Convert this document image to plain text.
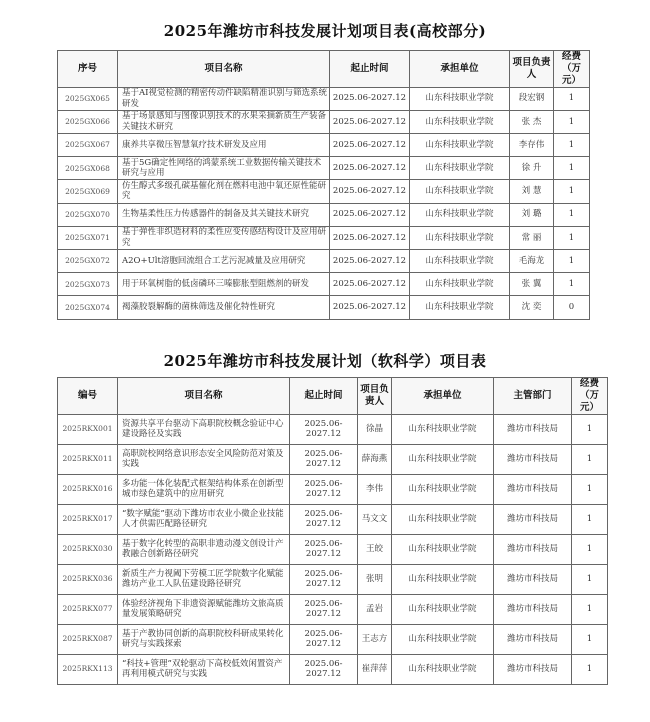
2025年潍坊市科技发展计划项目表(高校部分)
序号	项目名称	起止时间	承担单位	项目负责人	经费（万元）
2025GX065	基于AI视觉检测的精密传动件缺陷精准识别与筛选系统研发	2025.06-2027.12	山东科技职业学院	段宏钢	1
2025GX066	基于场景感知与图像识别技术的水果采摘新质生产装备关键技术研究	2025.06-2027.12	山东科技职业学院	张 杰	1
2025GX067	康养共享微压智慧氧疗技术研发及应用	2025.06-2027.12	山东科技职业学院	李存伟	1
2025GX068	基于5G确定性网络的鸿蒙系统工业数据传输关键技术研究与应用	2025.06-2027.12	山东科技职业学院	徐 升	1
2025GX069	仿生醇式多级孔碳基催化剂在燃料电池中氧还原性能研究	2025.06-2027.12	山东科技职业学院	刘 慧	1
2025GX070	生物基柔性压力传感器件的制备及其关键技术研究	2025.06-2027.12	山东科技职业学院	刘 璐	1
2025GX071	基于弹性非织造材料的柔性应变传感结构设计及应用研究	2025.06-2027.12	山东科技职业学院	常 丽	1
2025GX072	A2O+Ult溶胞回流组合工艺污泥减量及应用研究	2025.06-2027.12	山东科技职业学院	毛海龙	1
2025GX073	用于环氧树脂的低卤磷环三嗪膨胀型阻燃剂的研发	2025.06-2027.12	山东科技职业学院	张 翼	1
2025GX074	褐藻胶裂解酶的菌株筛选及催化特性研究	2025.06-2027.12	山东科技职业学院	沈 奕	0
2025年潍坊市科技发展计划（软科学）项目表
编号	项目名称	起止时间	项目负责人	承担单位	主管部门	经费（万元）
2025RKX001	资源共享平台驱动下高职院校概念验证中心建设路径及实践	2025.06-2027.12	徐晶	山东科技职业学院	潍坊市科技局	1
2025RKX011	高职院校网络意识形态安全风险防范对策及实践	2025.06-2027.12	薛海燕	山东科技职业学院	潍坊市科技局	1
2025RKX016	多功能一体化装配式框架结构体系在创新型城市绿色建筑中的应用研究	2025.06-2027.12	李伟	山东科技职业学院	潍坊市科技局	1
2025RKX017	“数字赋能”驱动下潍坊市农业小微企业技能人才供需匹配路径研究	2025.06-2027.12	马文文	山东科技职业学院	潍坊市科技局	1
2025RKX030	基于数字化转型的高职非遗动漫文创设计产教融合创新路径研究	2025.06-2027.12	王皎	山东科技职业学院	潍坊市科技局	1
2025RKX036	新质生产力视阈下劳模工匠学院数字化赋能潍坊产业工人队伍建设路径研究	2025.06-2027.12	张明	山东科技职业学院	潍坊市科技局	1
2025RKX077	体验经济视角下非遗资源赋能潍坊文旅高质量发展策略研究	2025.06-2027.12	孟岩	山东科技职业学院	潍坊市科技局	1
2025RKX087	基于产教协同创新的高职院校科研成果转化研究与实践探索	2025.06-2027.12	王志方	山东科技职业学院	潍坊市科技局	1
2025RKX113	“科技+管理”双轮驱动下高校低效闲置资产再利用模式研究与实践	2025.06-2027.12	崔萍萍	山东科技职业学院	潍坊市科技局	1
